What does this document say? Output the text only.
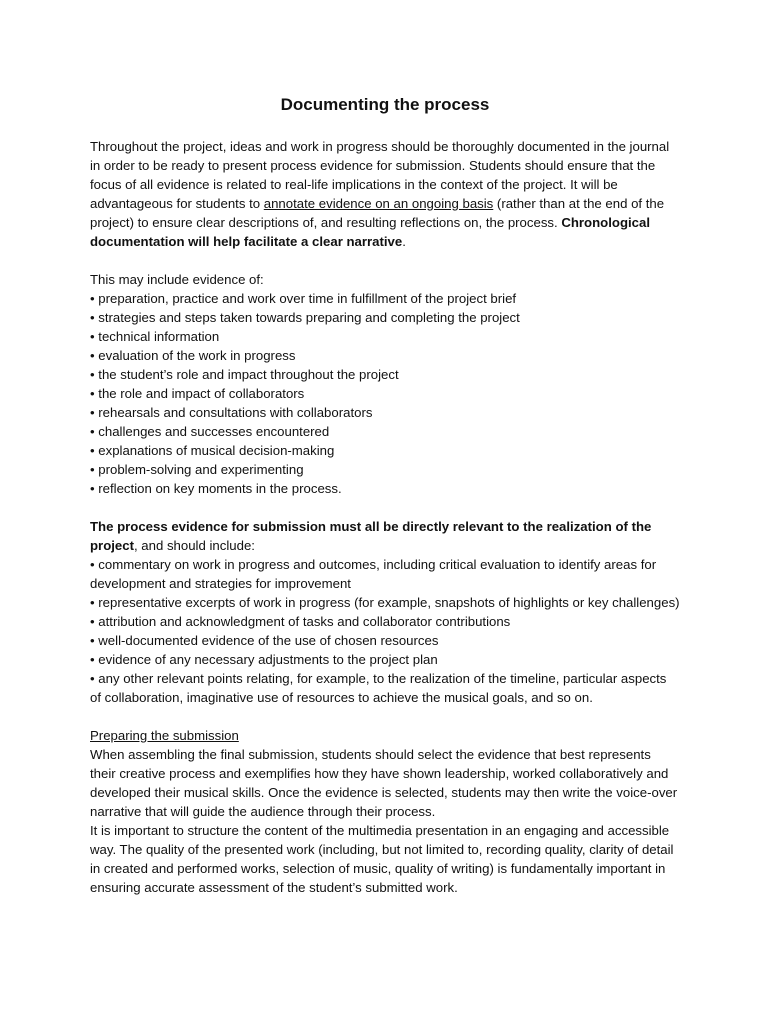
Documenting the process

Throughout the project, ideas and work in progress should be thoroughly documented in the journal in order to be ready to present process evidence for submission. Students should ensure that the focus of all evidence is related to real-life implications in the context of the project. It will be advantageous for students to annotate evidence on an ongoing basis (rather than at the end of the project) to ensure clear descriptions of, and resulting reflections on, the process. Chronological documentation will help facilitate a clear narrative.

This may include evidence of:

• preparation, practice and work over time in fulfillment of the project brief
• strategies and steps taken towards preparing and completing the project
• technical information
• evaluation of the work in progress
• the student’s role and impact throughout the project
• the role and impact of collaborators
• rehearsals and consultations with collaborators
• challenges and successes encountered
• explanations of musical decision-making
• problem-solving and experimenting
• reflection on key moments in the process.

The process evidence for submission must all be directly relevant to the realization of the project, and should include:

• commentary on work in progress and outcomes, including critical evaluation to identify areas for development and strategies for improvement
• representative excerpts of work in progress (for example, snapshots of highlights or key challenges)
• attribution and acknowledgment of tasks and collaborator contributions
• well-documented evidence of the use of chosen resources
• evidence of any necessary adjustments to the project plan
• any other relevant points relating, for example, to the realization of the timeline, particular aspects of collaboration, imaginative use of resources to achieve the musical goals, and so on.

Preparing the submission

When assembling the final submission, students should select the evidence that best represents their creative process and exemplifies how they have shown leadership, worked collaboratively and developed their musical skills. Once the evidence is selected, students may then write the voice-over narrative that will guide the audience through their process.

It is important to structure the content of the multimedia presentation in an engaging and accessible way. The quality of the presented work (including, but not limited to, recording quality, clarity of detail in created and performed works, selection of music, quality of writing) is fundamentally important in ensuring accurate assessment of the student’s submitted work.
